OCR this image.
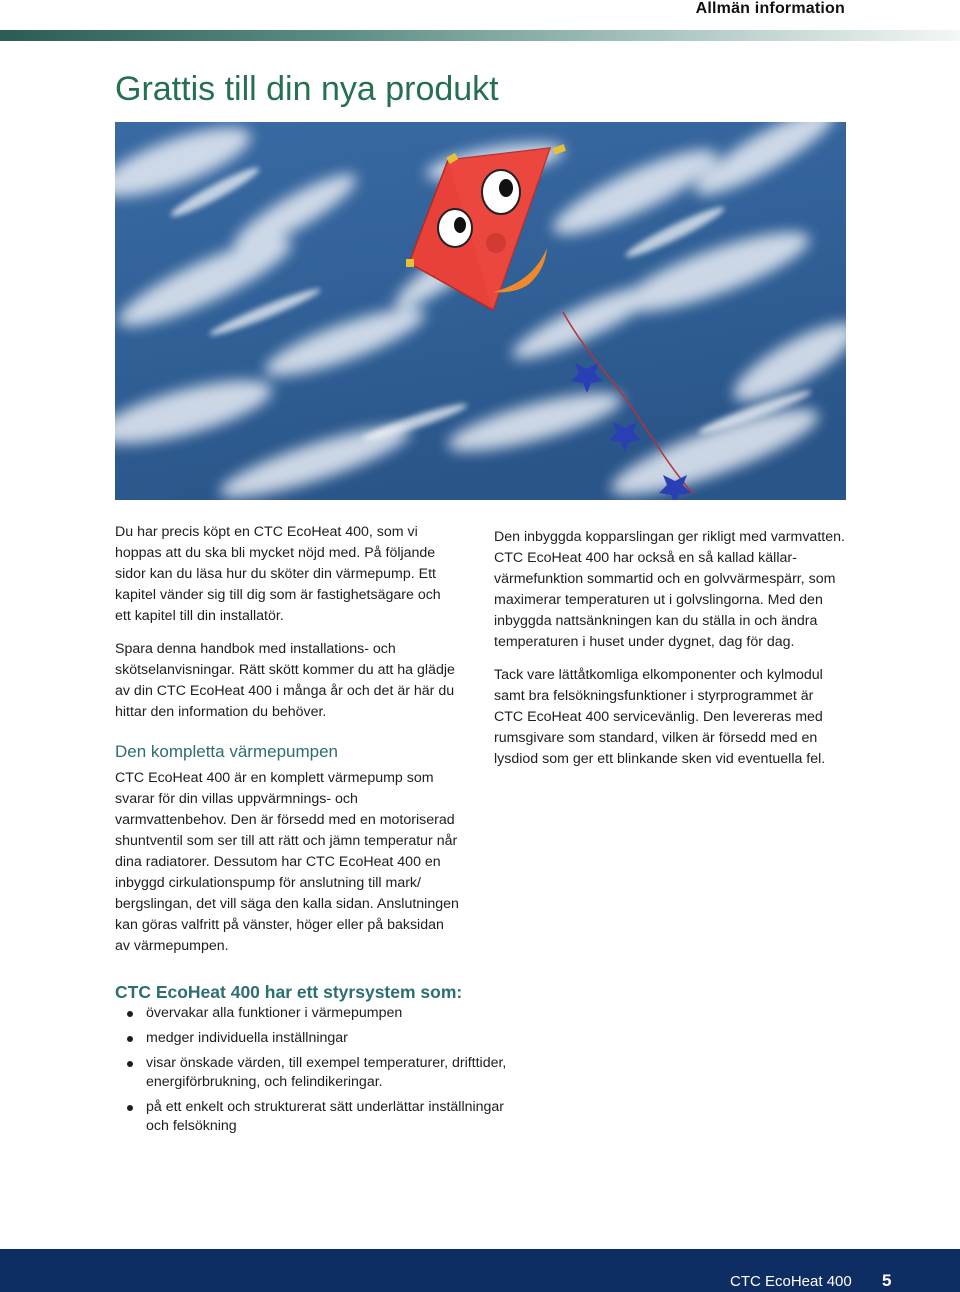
Allmän information
Grattis till din nya produkt

Du har precis köpt en CTC EcoHeat 400, som vi hoppas att du ska bli mycket nöjd med. På följande sidor kan du läsa hur du sköter din värmepump. Ett kapitel vänder sig till dig som är fastighetsägare och ett kapitel till din installatör.

Spara denna handbok med installations- och skötselanvisningar. Rätt skött kommer du att ha glädje av din CTC EcoHeat 400 i många år och det är här du hittar den information du behöver.

Den kompletta värmepumpen

CTC EcoHeat 400 är en komplett värmepump som svarar för din villas uppvärmnings- och varmvattenbehov. Den är försedd med en motoriserad shuntventil som ser till att rätt och jämn temperatur når dina radiatorer. Dessutom har CTC EcoHeat 400 en inbyggd cirkulationspump för anslutning till mark/ bergslingan, det vill säga den kalla sidan. Anslutningen kan göras valfritt på vänster, höger eller på baksidan av värmepumpen.

Den inbyggda kopparslingan ger rikligt med varmvatten. CTC EcoHeat 400 har också en så kallad källar-värmefunktion sommartid och en golvvärmespärr, som maximerar temperaturen ut i golvslingorna. Med den inbyggda nattsänkningen kan du ställa in och ändra temperaturen i huset under dygnet, dag för dag.

Tack vare lättåtkomliga elkomponenter och kylmodul samt bra felsökningsfunktioner i styrprogrammet är CTC EcoHeat 400 servicevänlig. Den levereras med rumsgivare som standard, vilken är försedd med en lysdiod som ger ett blinkande sken vid eventuella fel.

CTC EcoHeat 400 har ett styrsystem som:
övervakar alla funktioner i värmepumpen
medger individuella inställningar
visar önskade värden, till exempel temperaturer, drifttider, energiförbrukning, och felindikeringar.
på ett enkelt och strukturerat sätt underlättar inställningar och felsökning
CTC EcoHeat 400 5
